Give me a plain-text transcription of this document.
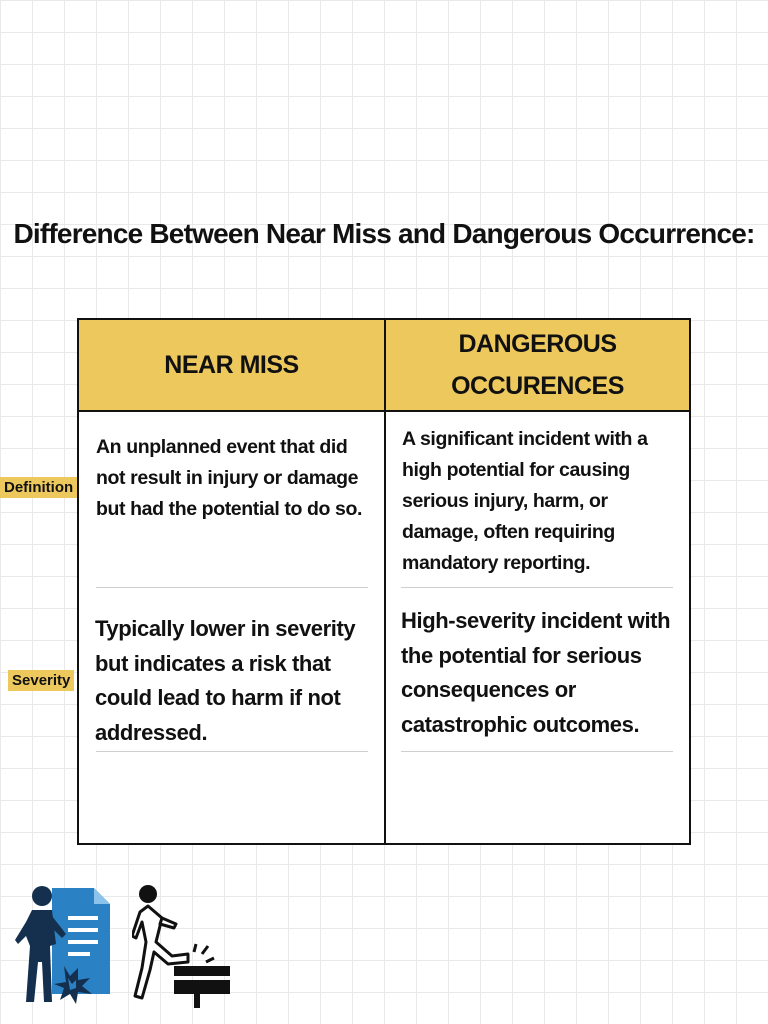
Difference Between Near Miss and Dangerous Occurrence:
Definition
Severity
NEAR MISS
DANGEROUS OCCURENCES
An unplanned event that did not result in injury or damage but had the potential to do so.
A significant incident with a high potential for causing serious injury, harm, or damage, often requiring mandatory reporting.
Typically lower in severity but indicates a risk that could lead to harm if not addressed.
High-severity incident with the potential for serious consequences or catastrophic outcomes.
